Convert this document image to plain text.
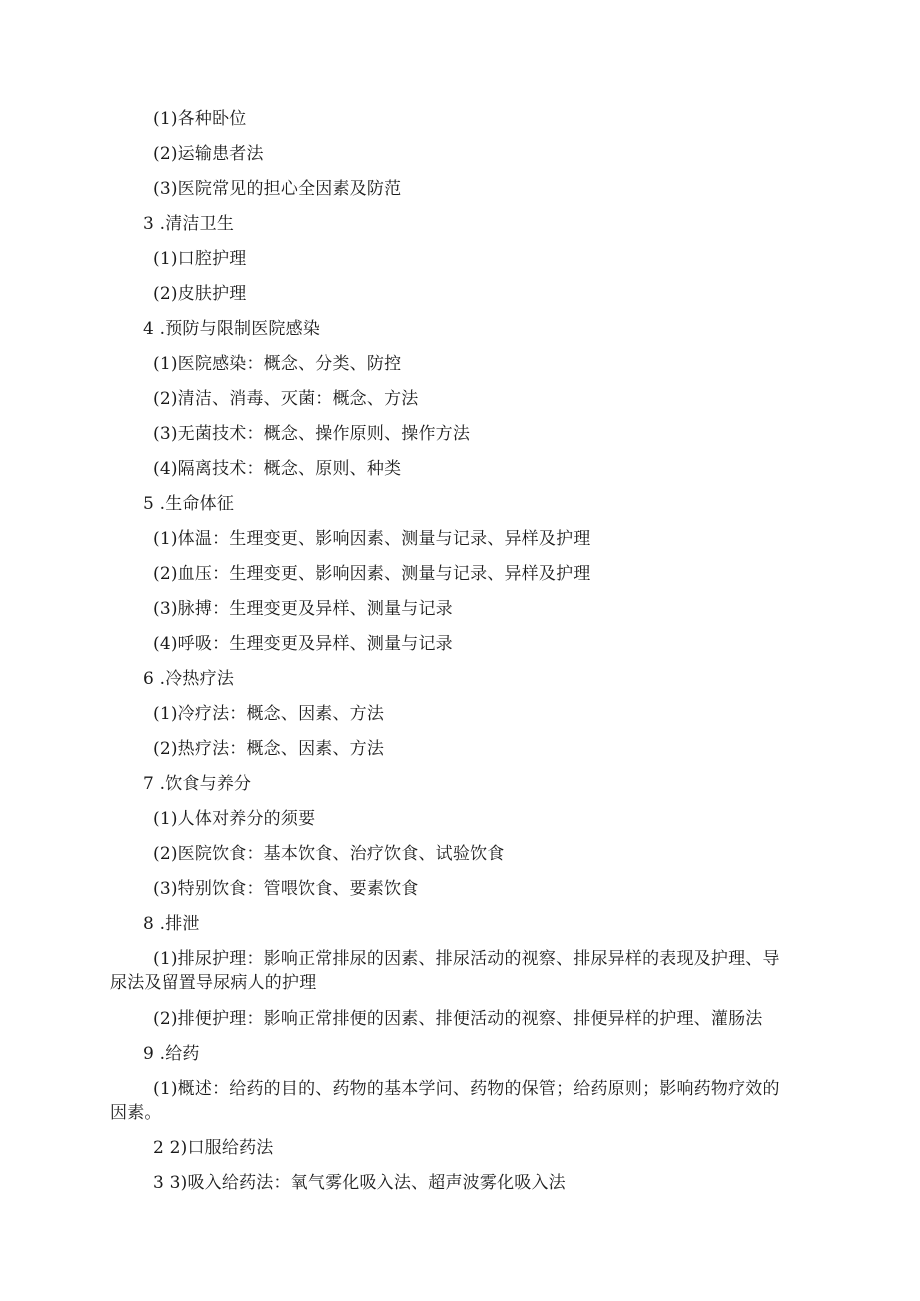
(1)各种卧位
(2)运输患者法
(3)医院常见的担心全因素及防范
3 .清洁卫生
(1)口腔护理
(2)皮肤护理
4 .预防与限制医院感染
(1)医院感染：概念、分类、防控
(2)清洁、消毒、灭菌：概念、方法
(3)无菌技术：概念、操作原则、操作方法
(4)隔离技术：概念、原则、种类
5 .生命体征
(1)体温：生理变更、影响因素、测量与记录、异样及护理
(2)血压：生理变更、影响因素、测量与记录、异样及护理
(3)脉搏：生理变更及异样、测量与记录
(4)呼吸：生理变更及异样、测量与记录
6 .冷热疗法
(1)冷疗法：概念、因素、方法
(2)热疗法：概念、因素、方法
7 .饮食与养分
(1)人体对养分的须要
(2)医院饮食：基本饮食、治疗饮食、试验饮食
(3)特别饮食：管喂饮食、要素饮食
8 .排泄
(1)排尿护理：影响正常排尿的因素、排尿活动的视察、排尿异样的表现及护理、导
尿法及留置导尿病人的护理
(2)排便护理：影响正常排便的因素、排便活动的视察、排便异样的护理、灌肠法
9 .给药
(1)概述：给药的目的、药物的基本学问、药物的保管；给药原则；影响药物疗效的
因素。
2 2)口服给药法
3 3)吸入给药法：氧气雾化吸入法、超声波雾化吸入法
